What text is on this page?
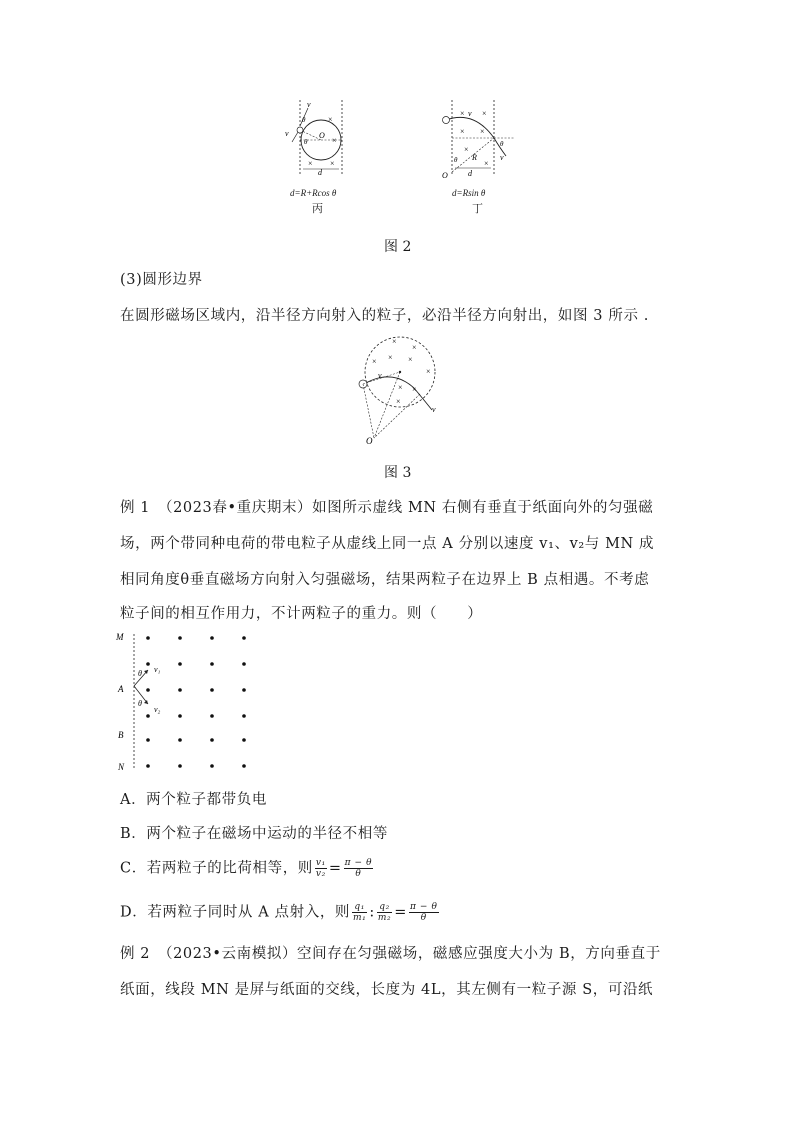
v
v
θ
θ
O
d
×
×
×
×
d=R+Rcos θ
丙
v
v
θ
θ R
O	d
× ×
× ×
×
×
d=Rsin θ
丁
图 2
(3)圆形边界
在圆形磁场区域内，沿半径方向射入的粒子，必沿半径方向射出，如图 3 所示 .
×
×
× ×
×
× ×
×
×
v
v
O
图 3
例 1　（2023春•重庆期末）如图所示虚线 MN 右侧有垂直于纸面向外的匀强磁
场，两个带同种电荷的带电粒子从虚线上同一点 A 分别以速度 v₁、v₂与 MN 成
相同角度θ垂直磁场方向射入匀强磁场，结果两粒子在边界上 B 点相遇。不考虑
粒子间的相互作用力，不计两粒子的重力。则（　　）
M
A
B
N
θ
θ
v₁
v₂
A．两个粒子都带负电
B．两个粒子在磁场中运动的半径不相等
C．若两粒子的比荷相等，则 $\frac{\text{v₁}}{\text{v₂}} = \frac{\pi - \theta}{\theta}$
D．若两粒子同时从 A 点射入，则 $\frac{\text{q₁}}{\text{m₁}}$ : $\frac{\text{q₂}}{\text{m₂}} = \frac{\pi - \theta}{\theta}$
例 2　（2023•云南模拟）空间存在匀强磁场，磁感应强度大小为 B，方向垂直于
纸面，线段 MN 是屏与纸面的交线，长度为 4L，其左侧有一粒子源 S，可沿纸
